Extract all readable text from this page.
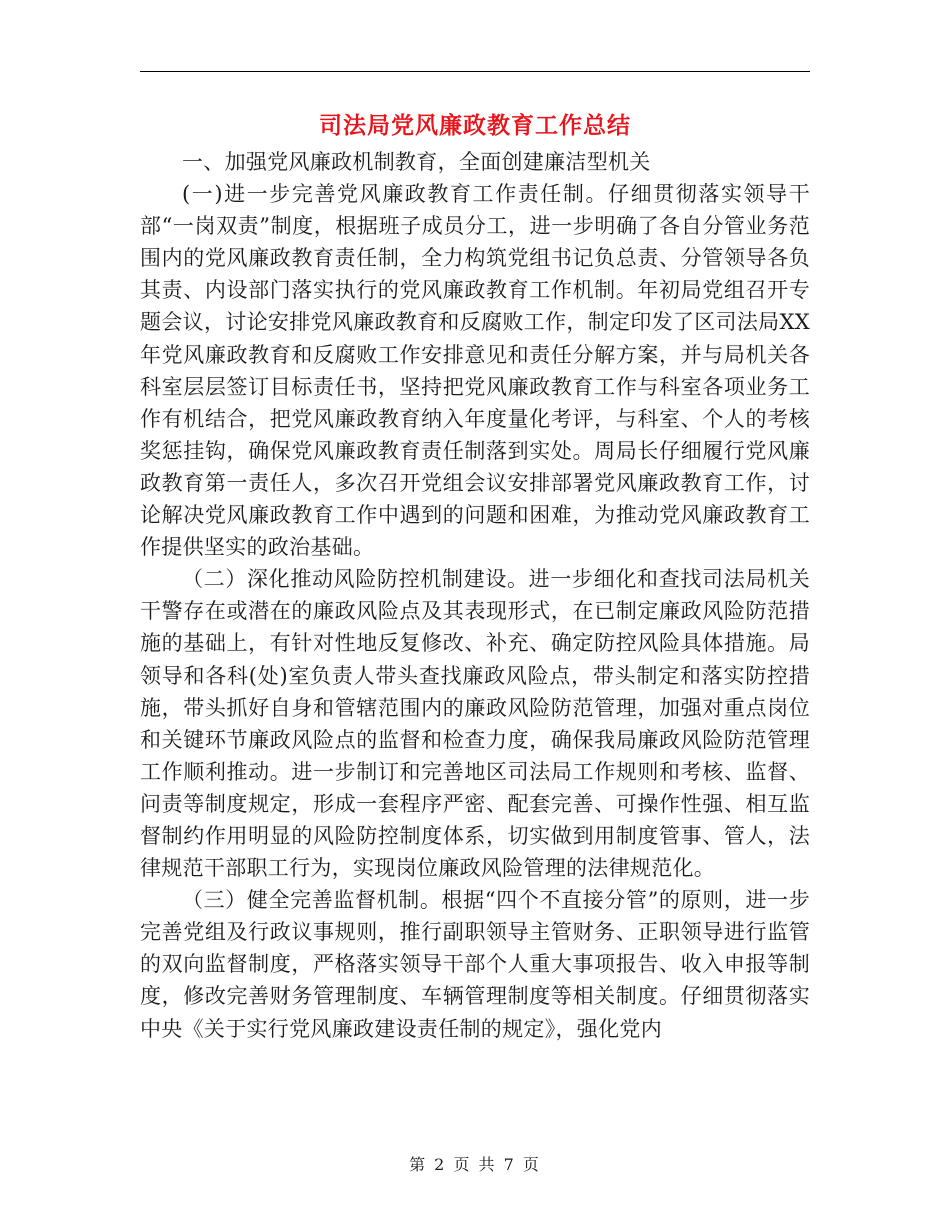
司法局党风廉政教育工作总结

一、加强党风廉政机制教育，全面创建廉洁型机关

(一)进一步完善党风廉政教育工作责任制。仔细贯彻落实领导干部“一岗双责”制度，根据班子成员分工，进一步明确了各自分管业务范围内的党风廉政教育责任制，全力构筑党组书记负总责、分管领导各负其责、内设部门落实执行的党风廉政教育工作机制。年初局党组召开专题会议，讨论安排党风廉政教育和反腐败工作，制定印发了区司法局XX年党风廉政教育和反腐败工作安排意见和责任分解方案，并与局机关各科室层层签订目标责任书，坚持把党风廉政教育工作与科室各项业务工作有机结合，把党风廉政教育纳入年度量化考评，与科室、个人的考核奖惩挂钩，确保党风廉政教育责任制落到实处。周局长仔细履行党风廉政教育第一责任人，多次召开党组会议安排部署党风廉政教育工作，讨论解决党风廉政教育工作中遇到的问题和困难，为推动党风廉政教育工作提供坚实的政治基础。

（二）深化推动风险防控机制建设。进一步细化和查找司法局机关干警存在或潜在的廉政风险点及其表现形式，在已制定廉政风险防范措施的基础上，有针对性地反复修改、补充、确定防控风险具体措施。局领导和各科(处)室负责人带头查找廉政风险点，带头制定和落实防控措施，带头抓好自身和管辖范围内的廉政风险防范管理，加强对重点岗位和关键环节廉政风险点的监督和检查力度，确保我局廉政风险防范管理工作顺利推动。进一步制订和完善地区司法局工作规则和考核、监督、问责等制度规定，形成一套程序严密、配套完善、可操作性强、相互监督制约作用明显的风险防控制度体系，切实做到用制度管事、管人，法律规范干部职工行为，实现岗位廉政风险管理的法律规范化。

（三）健全完善监督机制。根据“四个不直接分管”的原则，进一步完善党组及行政议事规则，推行副职领导主管财务、正职领导进行监管的双向监督制度，严格落实领导干部个人重大事项报告、收入申报等制度，修改完善财务管理制度、车辆管理制度等相关制度。仔细贯彻落实中央《关于实行党风廉政建设责任制的规定》，强化党内

第 2 页 共 7 页
